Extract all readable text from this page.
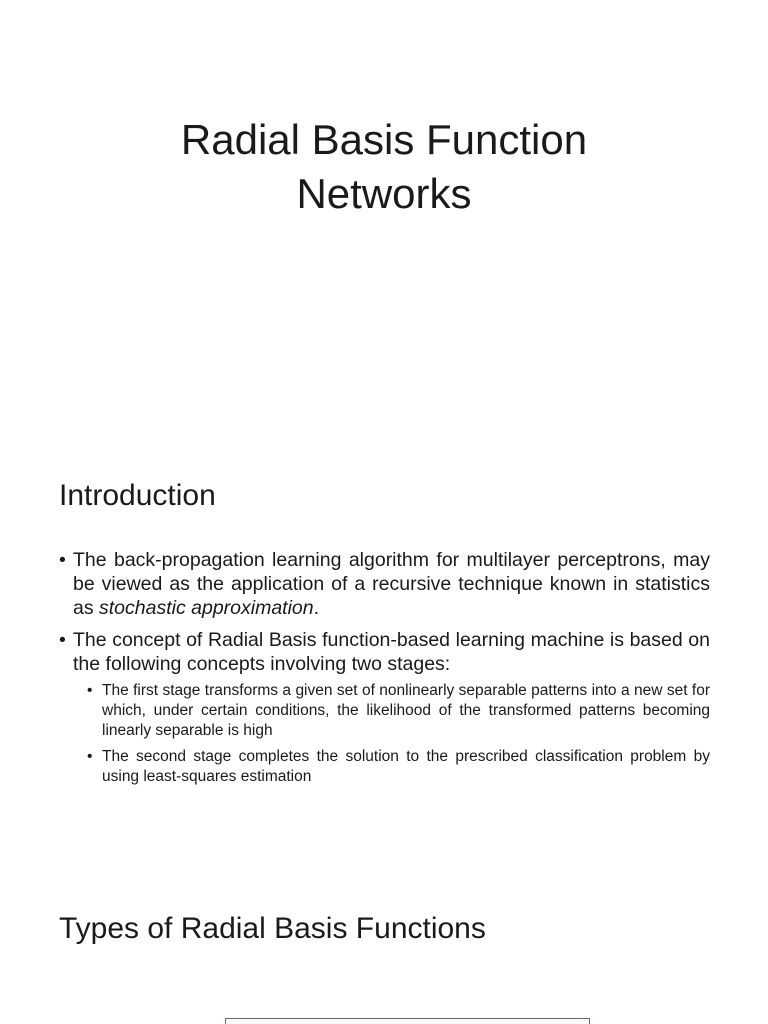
Radial Basis Function
Networks
Introduction
• The back-propagation learning algorithm for multilayer perceptrons, may be viewed as the application of a recursive technique known in statistics as stochastic approximation.
• The concept of Radial Basis function-based learning machine is based on the following concepts involving two stages:
• The first stage transforms a given set of nonlinearly separable patterns into a new set for which, under certain conditions, the likelihood of the transformed patterns becoming linearly separable is high
• The second stage completes the solution to the prescribed classification problem by using least-squares estimation
Types of Radial Basis Functions
